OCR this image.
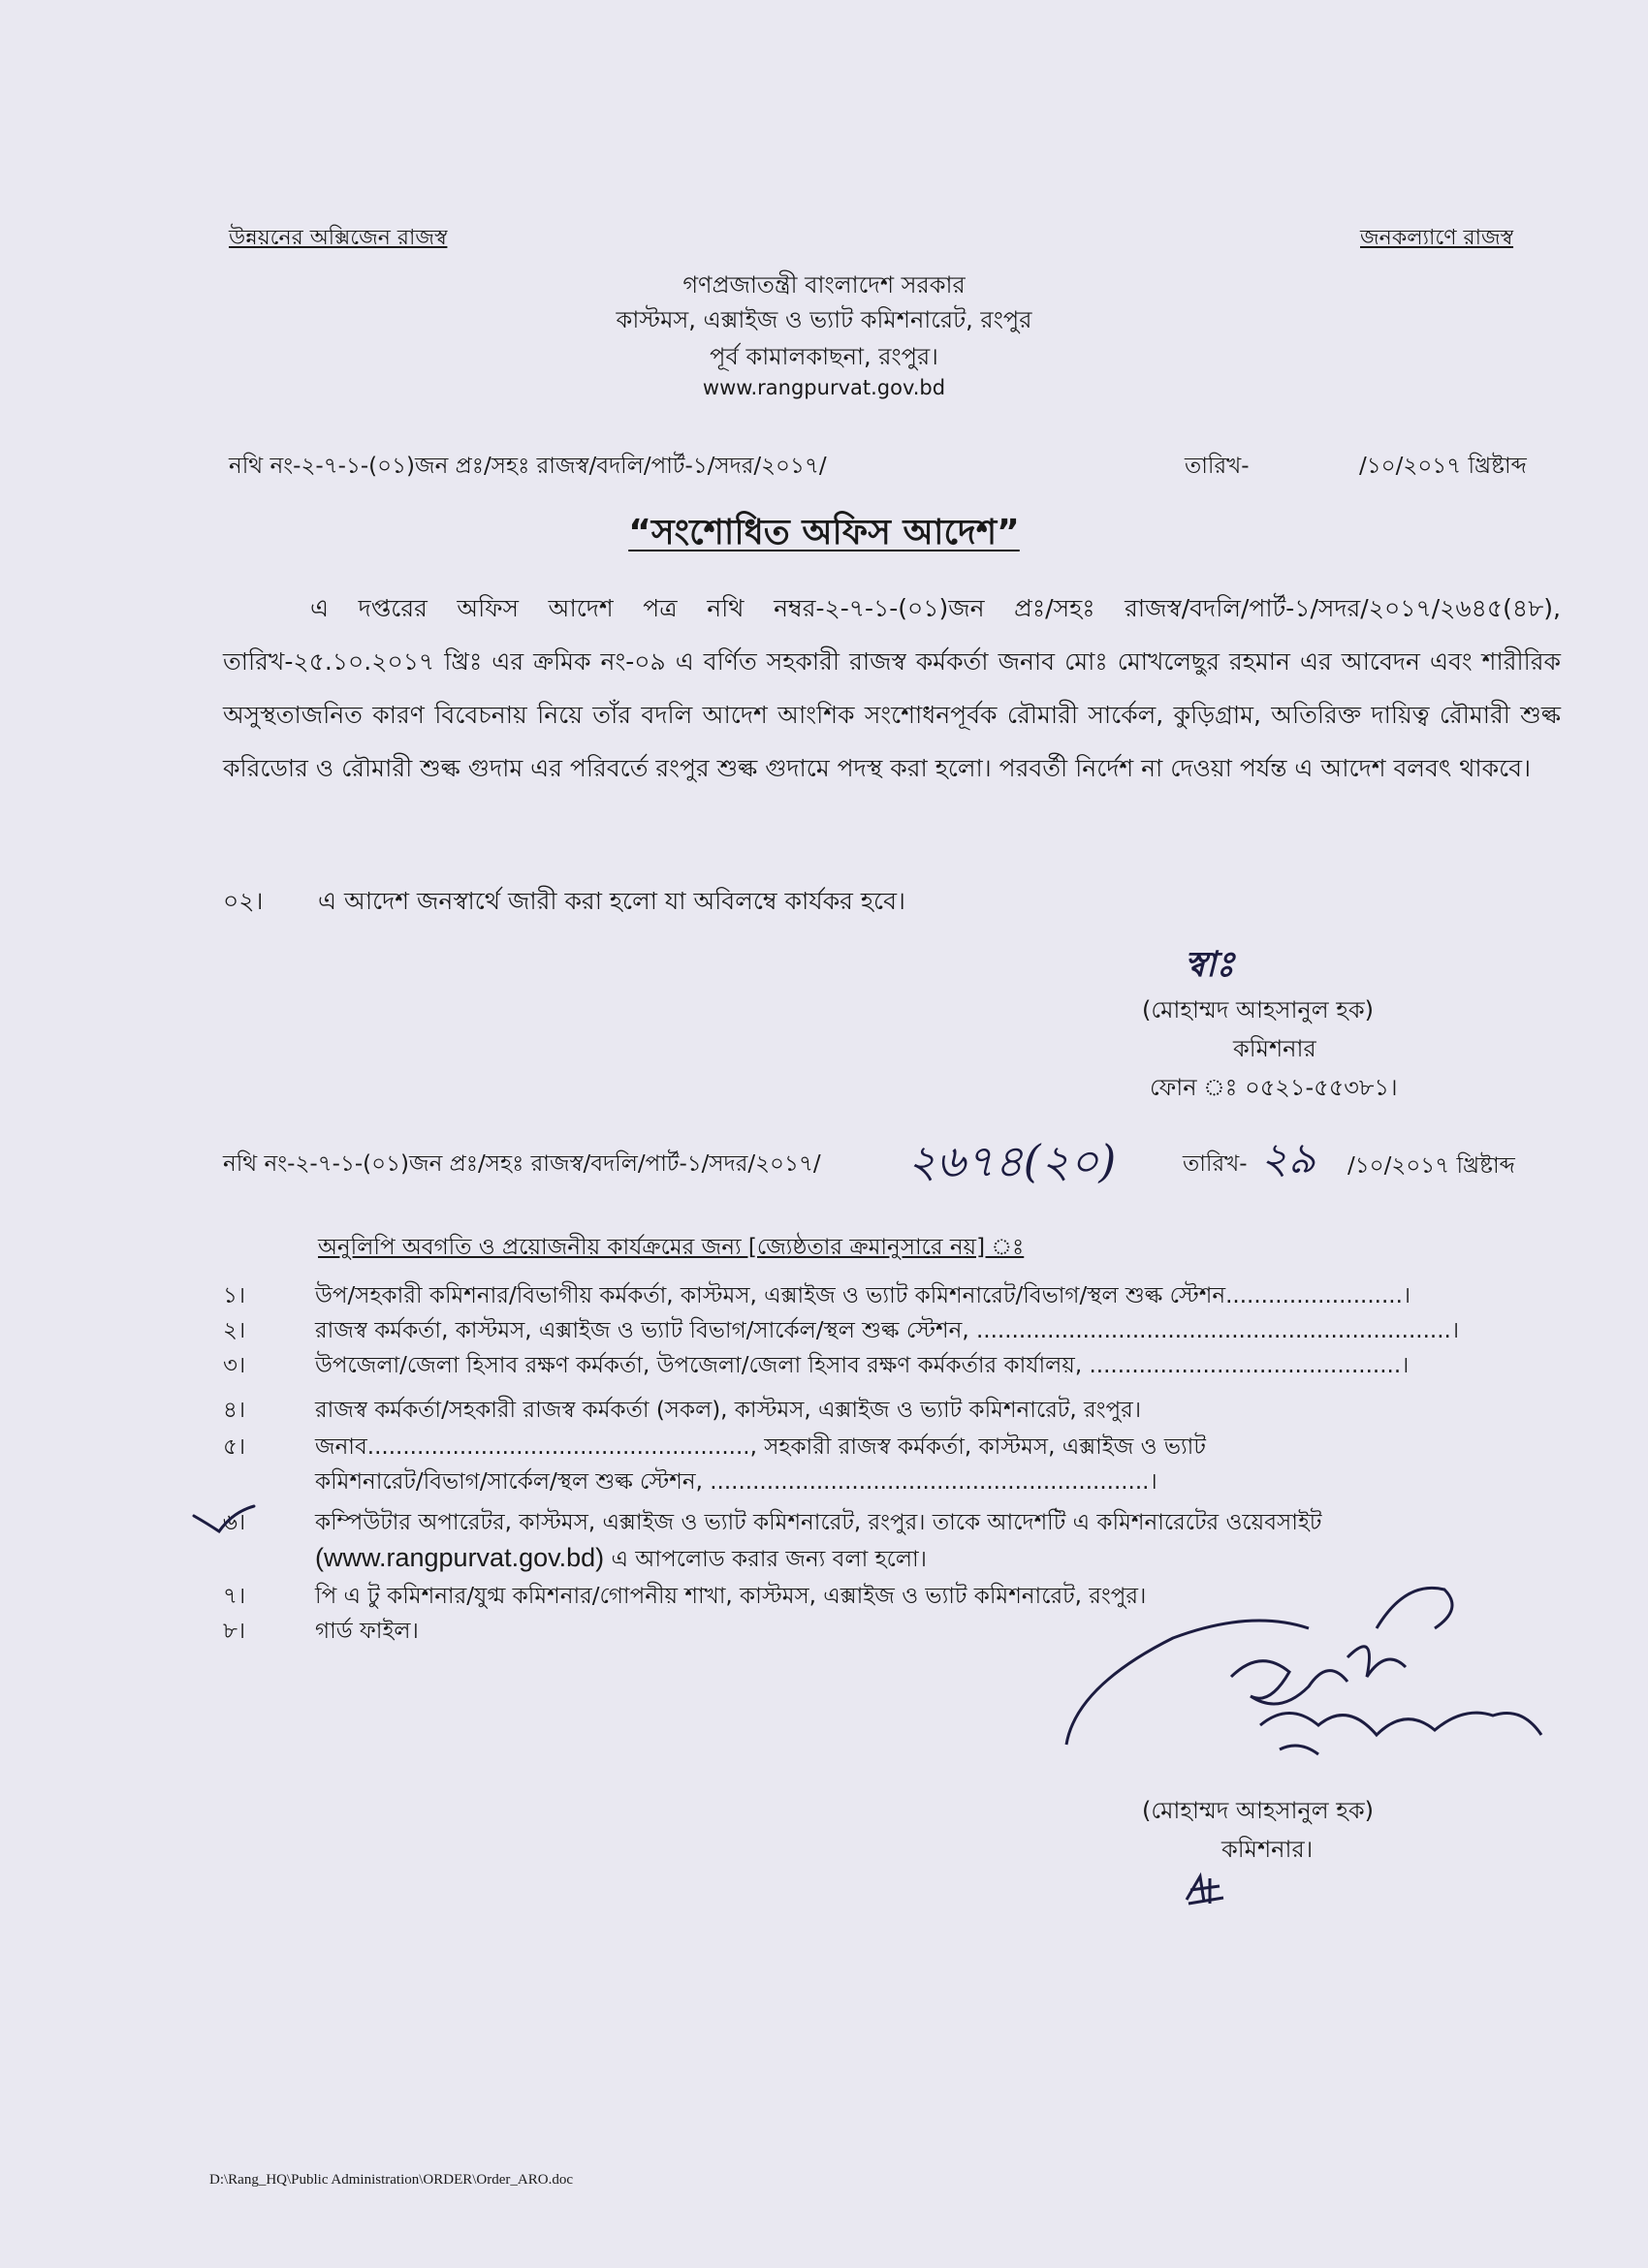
উন্নয়নের অক্সিজেন রাজস্ব	জনকল্যাণে রাজস্ব
গণপ্রজাতন্ত্রী বাংলাদেশ সরকার
কাস্টমস, এক্সাইজ ও ভ্যাট কমিশনারেট, রংপুর
পূর্ব কামালকাছনা, রংপুর।
www.rangpurvat.gov.bd
নথি নং-২-৭-১-(০১)জন প্রঃ/সহঃ রাজস্ব/বদলি/পার্ট-১/সদর/২০১৭/	তারিখ-	/১০/২০১৭ খ্রিষ্টাব্দ
“সংশোধিত অফিস আদেশ”
এ দপ্তরের অফিস আদেশ পত্র নথি নম্বর-২-৭-১-(০১)জন প্রঃ/সহঃ রাজস্ব/বদলি/পার্ট-১/সদর/২০১৭/২৬৪৫(৪৮), তারিখ-২৫.১০.২০১৭ খ্রিঃ এর ক্রমিক নং-০৯ এ বর্ণিত সহকারী রাজস্ব কর্মকর্তা জনাব মোঃ মোখলেছুর রহমান এর আবেদন এবং শারীরিক অসুস্থতাজনিত কারণ বিবেচনায় নিয়ে তাঁর বদলি আদেশ আংশিক সংশোধনপূর্বক রৌমারী সার্কেল, কুড়িগ্রাম, অতিরিক্ত দায়িত্ব রৌমারী শুল্ক করিডোর ও রৌমারী শুল্ক গুদাম এর পরিবর্তে রংপুর শুল্ক গুদামে পদস্থ করা হলো। পরবর্তী নির্দেশ না দেওয়া পর্যন্ত এ আদেশ বলবৎ থাকবে।
০২। এ আদেশ জনস্বার্থে জারী করা হলো যা অবিলম্বে কার্যকর হবে।
স্বাঃ
(মোহাম্মদ আহসানুল হক)
কমিশনার
ফোন ঃ ০৫২১-৫৫৩৮১।
নথি নং-২-৭-১-(০১)জন প্রঃ/সহঃ রাজস্ব/বদলি/পার্ট-১/সদর/২০১৭/ ২৬৭৪(২০)	তারিখ- ২৯ /১০/২০১৭ খ্রিষ্টাব্দ
অনুলিপি অবগতি ও প্রয়োজনীয় কার্যক্রমের জন্য [জ্যেষ্ঠতার ক্রমানুসারে নয়] ঃ
১।	উপ/সহকারী কমিশনার/বিভাগীয় কর্মকর্তা, কাস্টমস, এক্সাইজ ও ভ্যাট কমিশনারেট/বিভাগ/স্থল শুল্ক স্টেশন.........................।
২।	রাজস্ব কর্মকর্তা, কাস্টমস, এক্সাইজ ও ভ্যাট বিভাগ/সার্কেল/স্থল শুল্ক স্টেশন, ...................................................................।
৩।	উপজেলা/জেলা হিসাব রক্ষণ কর্মকর্তা, উপজেলা/জেলা হিসাব রক্ষণ কর্মকর্তার কার্যালয়, ............................................।
৪।	রাজস্ব কর্মকর্তা/সহকারী রাজস্ব কর্মকর্তা (সকল), কাস্টমস, এক্সাইজ ও ভ্যাট কমিশনারেট, রংপুর।
৫।	জনাব......................................................, সহকারী রাজস্ব কর্মকর্তা, কাস্টমস, এক্সাইজ ও ভ্যাট
কমিশনারেট/বিভাগ/সার্কেল/স্থল শুল্ক স্টেশন, ..............................................................।
৬।	কম্পিউটার অপারেটর, কাস্টমস, এক্সাইজ ও ভ্যাট কমিশনারেট, রংপুর। তাকে আদেশটি এ কমিশনারেটের ওয়েবসাইট
(www.rangpurvat.gov.bd) এ আপলোড করার জন্য বলা হলো।
৭।	পি এ টু কমিশনার/যুগ্ম কমিশনার/গোপনীয় শাখা, কাস্টমস, এক্সাইজ ও ভ্যাট কমিশনারেট, রংপুর।
৮।	গার্ড ফাইল।
(মোহাম্মদ আহসানুল হক)
কমিশনার।
D:\Rang_HQ\Public Administration\ORDER\Order_ARO.doc
